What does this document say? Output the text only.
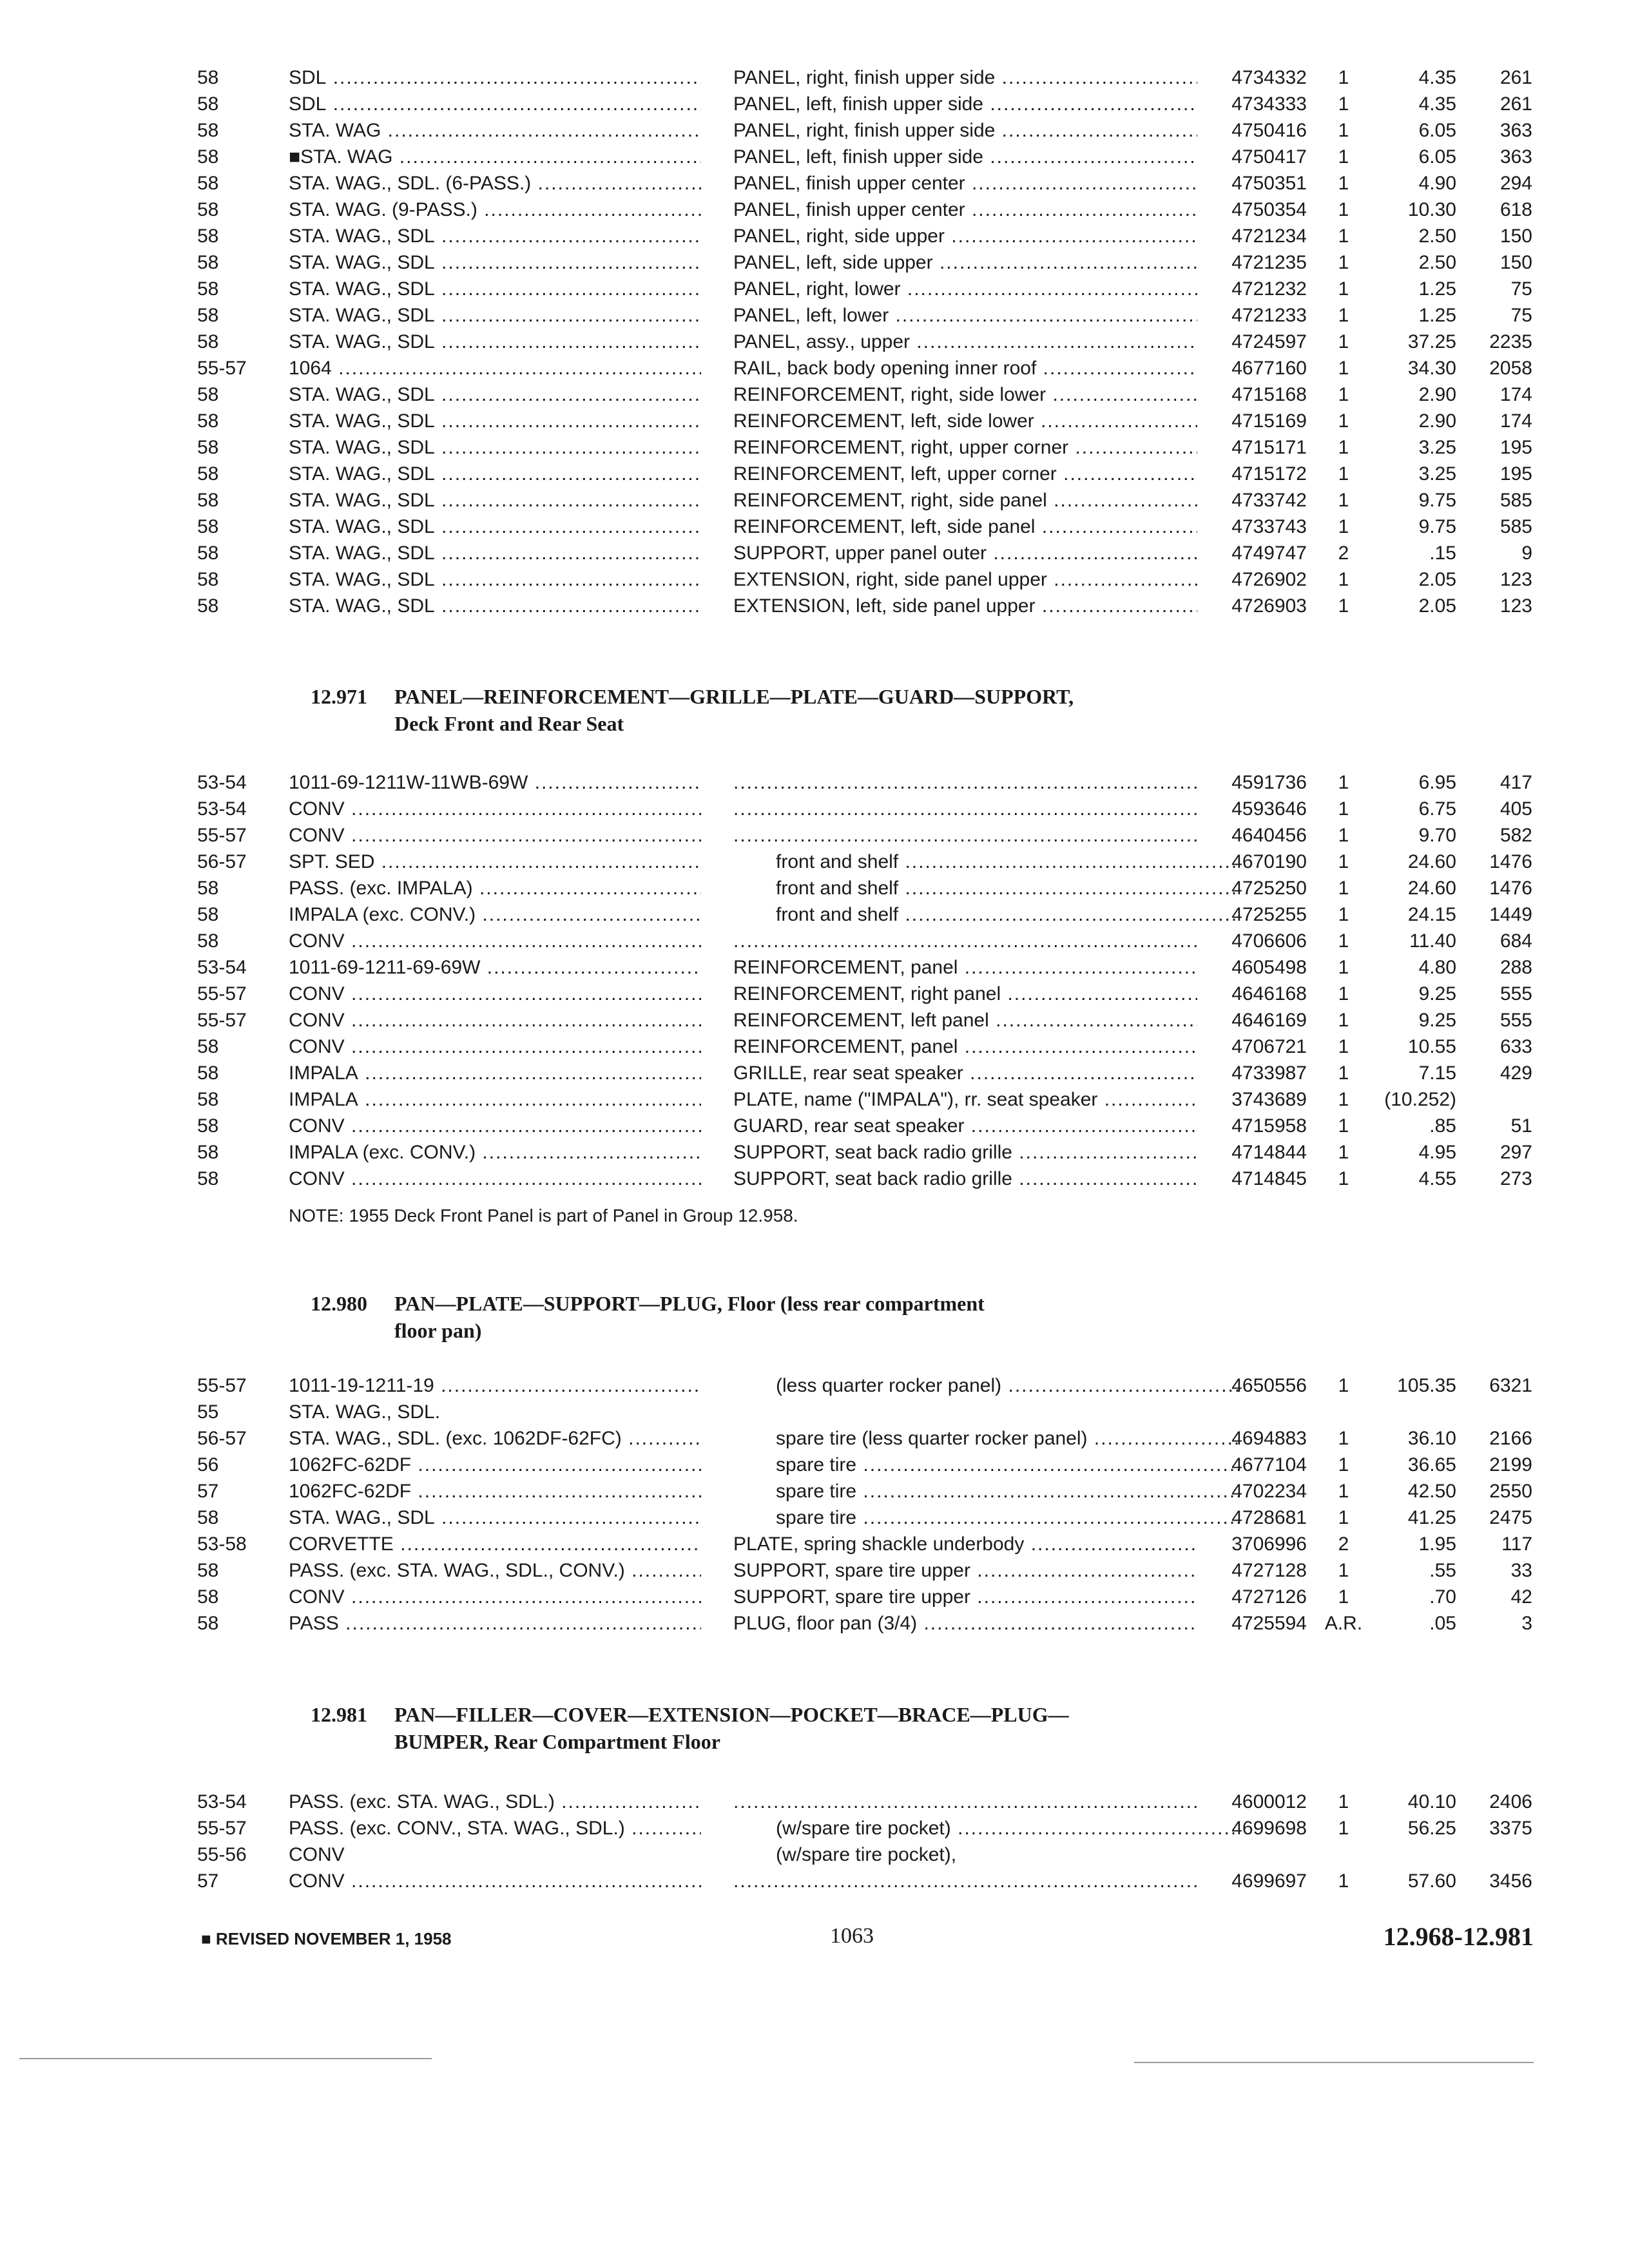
58	SDL .....	PANEL, right, finish upper side .....	4734332	1	4.35	261
58	SDL .....	PANEL, left, finish upper side .....	4734333	1	4.35	261
58	STA. WAG .....	PANEL, right, finish upper side .....	4750416	1	6.05	363
58	■STA. WAG .....	PANEL, left, finish upper side .....	4750417	1	6.05	363
58	STA. WAG., SDL. (6-PASS.) .....	PANEL, finish upper center .....	4750351	1	4.90	294
58	STA. WAG. (9-PASS.) .....	PANEL, finish upper center .....	4750354	1	10.30	618
58	STA. WAG., SDL .....	PANEL, right, side upper .....	4721234	1	2.50	150
58	STA. WAG., SDL .....	PANEL, left, side upper .....	4721235	1	2.50	150
58	STA. WAG., SDL .....	PANEL, right, lower .....	4721232	1	1.25	75
58	STA. WAG., SDL .....	PANEL, left, lower .....	4721233	1	1.25	75
58	STA. WAG., SDL .....	PANEL, assy., upper .....	4724597	1	37.25	2235
55-57 1064 .....	RAIL, back body opening inner roof .....	4677160	1	34.30	2058
58	STA. WAG., SDL .....	REINFORCEMENT, right, side lower .....	4715168	1	2.90	174
58	STA. WAG., SDL .....	REINFORCEMENT, left, side lower .....	4715169	1	2.90	174
58	STA. WAG., SDL .....	REINFORCEMENT, right, upper corner .....	4715171	1	3.25	195
58	STA. WAG., SDL .....	REINFORCEMENT, left, upper corner .....	4715172	1	3.25	195
58	STA. WAG., SDL .....	REINFORCEMENT, right, side panel .....	4733742	1	9.75	585
58	STA. WAG., SDL .....	REINFORCEMENT, left, side panel .....	4733743	1	9.75	585
58	STA. WAG., SDL .....	SUPPORT, upper panel outer .....	4749747	2	.15	9
58	STA. WAG., SDL .....	EXTENSION, right, side panel upper .....	4726902	1	2.05	123
58	STA. WAG., SDL .....	EXTENSION, left, side panel upper .....	4726903	1	2.05	123
53-54 1011-69-1211W-11WB-69W ..... .....	4591736	1	6.95	417
53-54 CONV ..... .....	4593646	1	6.75	405
55-57 CONV ..... .....	4640456	1	9.70	582
56-57 SPT. SED .....	front and shelf .....	4670190	1	24.60	1476
58	PASS. (exc. IMPALA) .....	front and shelf .....	4725250	1	24.60	1476
58	IMPALA (exc. CONV.) .....	front and shelf .....	4725255	1	24.15	1449
58	CONV ..... .....	4706606	1	11.40	684
53-54 1011-69-1211-69-69W .....	REINFORCEMENT, panel .....	4605498	1	4.80	288
55-57 CONV .....	REINFORCEMENT, right panel .....	4646168	1	9.25	555
55-57 CONV .....	REINFORCEMENT, left panel .....	4646169	1	9.25	555
58	CONV .....	REINFORCEMENT, panel .....	4706721	1	10.55	633
58	IMPALA .....	GRILLE, rear seat speaker .....	4733987	1	7.15	429
58	IMPALA .....	PLATE, name ("IMPALA"), rr. seat speaker .....	3743689	1	(10.252)
58	CONV .....	GUARD, rear seat speaker .....	4715958	1	.85	51
58	IMPALA (exc. CONV.) .....	SUPPORT, seat back radio grille .....	4714844	1	4.95	297
58	CONV .....	SUPPORT, seat back radio grille .....	4714845	1	4.55	273
55-57 1011-19-1211-19 .....	(less quarter rocker panel) .....	4650556	1	105.35	6321
55	STA. WAG., SDL.
56-57 STA. WAG., SDL. (exc. 1062DF-62FC) .....	spare tire (less quarter rocker panel) .....	4694883	1	36.10	2166
56	1062FC-62DF .....	spare tire .....	4677104	1	36.65	2199
57	1062FC-62DF .....	spare tire .....	4702234	1	42.50	2550
58	STA. WAG., SDL .....	spare tire .....	4728681	1	41.25	2475
53-58 CORVETTE .....	PLATE, spring shackle underbody .....	3706996	2	1.95	117
58	PASS. (exc. STA. WAG., SDL., CONV.) .....	SUPPORT, spare tire upper .....	4727128	1	.55	33
58	CONV .....	SUPPORT, spare tire upper .....	4727126	1	.70	42
58	PASS .....	PLUG, floor pan (3/4) .....	4725594 A.R.	.05	3
53-54 PASS. (exc. STA. WAG., SDL.) ..... .....	4600012	1	40.10	2406
55-57 PASS. (exc. CONV., STA. WAG., SDL.) .....	(w/spare tire pocket) .....	4699698	1	56.25	3375
55-56 CONV	(w/spare tire pocket),
57	CONV ..... .....	4699697	1	57.60	3456
12.971	PANEL—REINFORCEMENT—GRILLE—PLATE—GUARD—SUPPORT,
Deck Front and Rear Seat
NOTE: 1955 Deck Front Panel is part of Panel in Group 12.958.
12.980	PAN—PLATE—SUPPORT—PLUG, Floor (less rear compartment
floor pan)
12.981	PAN—FILLER—COVER—EXTENSION—POCKET—BRACE—PLUG—
BUMPER, Rear Compartment Floor
■ REVISED NOVEMBER 1, 1958	1063	12.968-12.981
